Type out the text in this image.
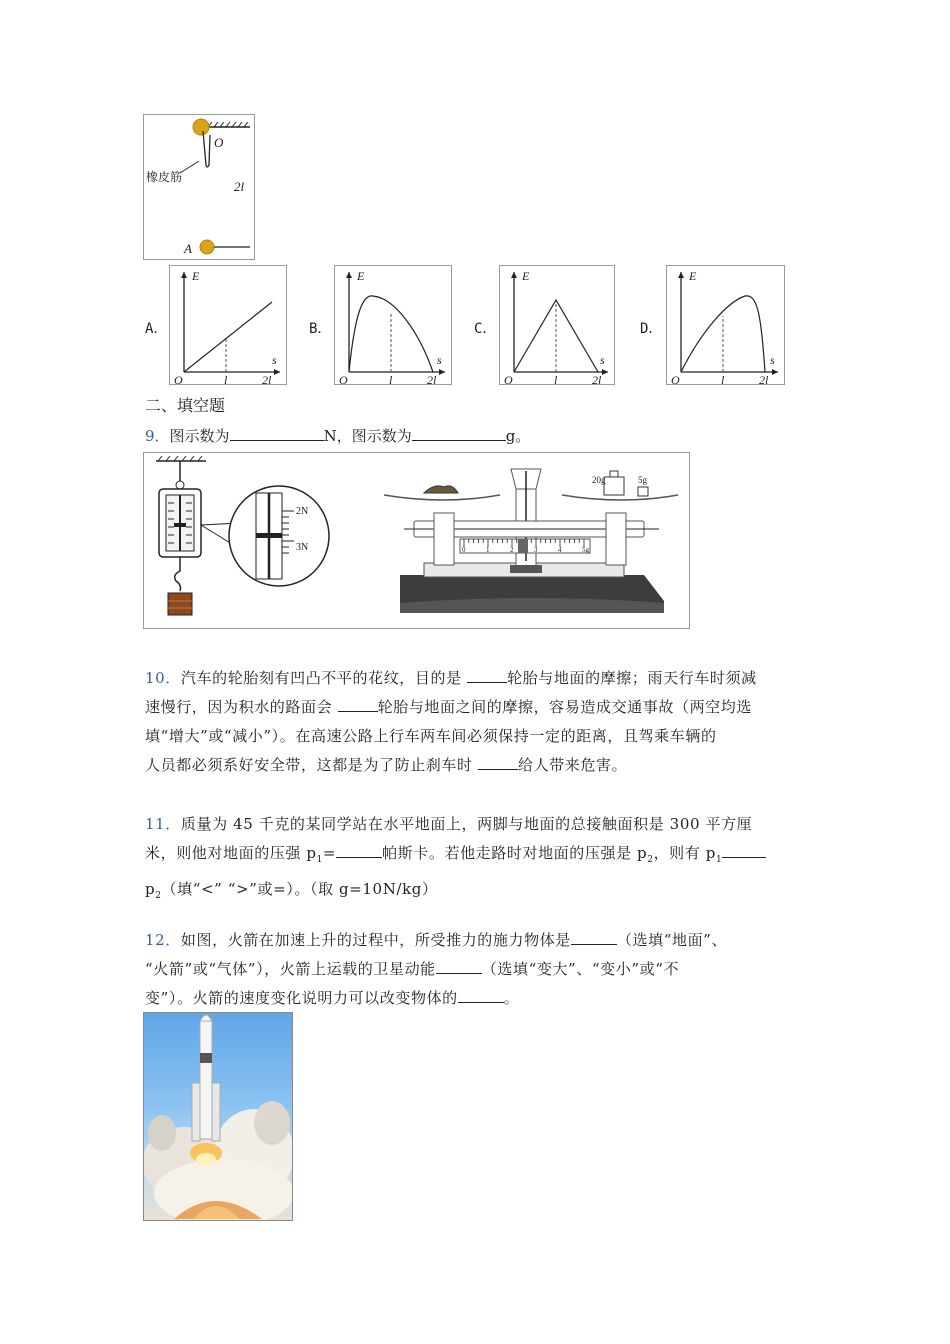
O
橡皮筋
2l
A
A．	B．	C．	D．
E
s
O	l	2l
E
s
O	l	2l
E
s
O	l	2l
E
s
O	l	2l
二、填空题
9．图示数为	N，图示数为	g。
2N
3N
20g	5g
0	1	2	3	4	5g
10．汽车的轮胎刻有凹凸不平的花纹，目的是	轮胎与地面的摩擦；雨天行车时须减
速慢行，因为积水的路面会	轮胎与地面之间的摩擦，容易造成交通事故（两空均选
填“增大”或“减小”）。在高速公路上行车两车间必须保持一定的距离，且驾乘车辆的
人员都必须系好安全带，这都是为了防止刹车时	给人带来危害。
11．质量为 45 千克的某同学站在水平地面上，两脚与地面的总接触面积是 300 平方厘
米，则他对地面的压强 $p_1=$	帕斯卡。若他走路时对地面的压强是 $p_2$，则有 $p_1$
$p_2$（填“<” “>”或=）。（取 g=10N/kg）
12．如图，火箭在加速上升的过程中，所受推力的施力物体是	（选填“地面”、
“火箭”或“气体”），火箭上运载的卫星动能	（选填“变大”、“变小”或“不
变”）。火箭的速度变化说明力可以改变物体的	。
